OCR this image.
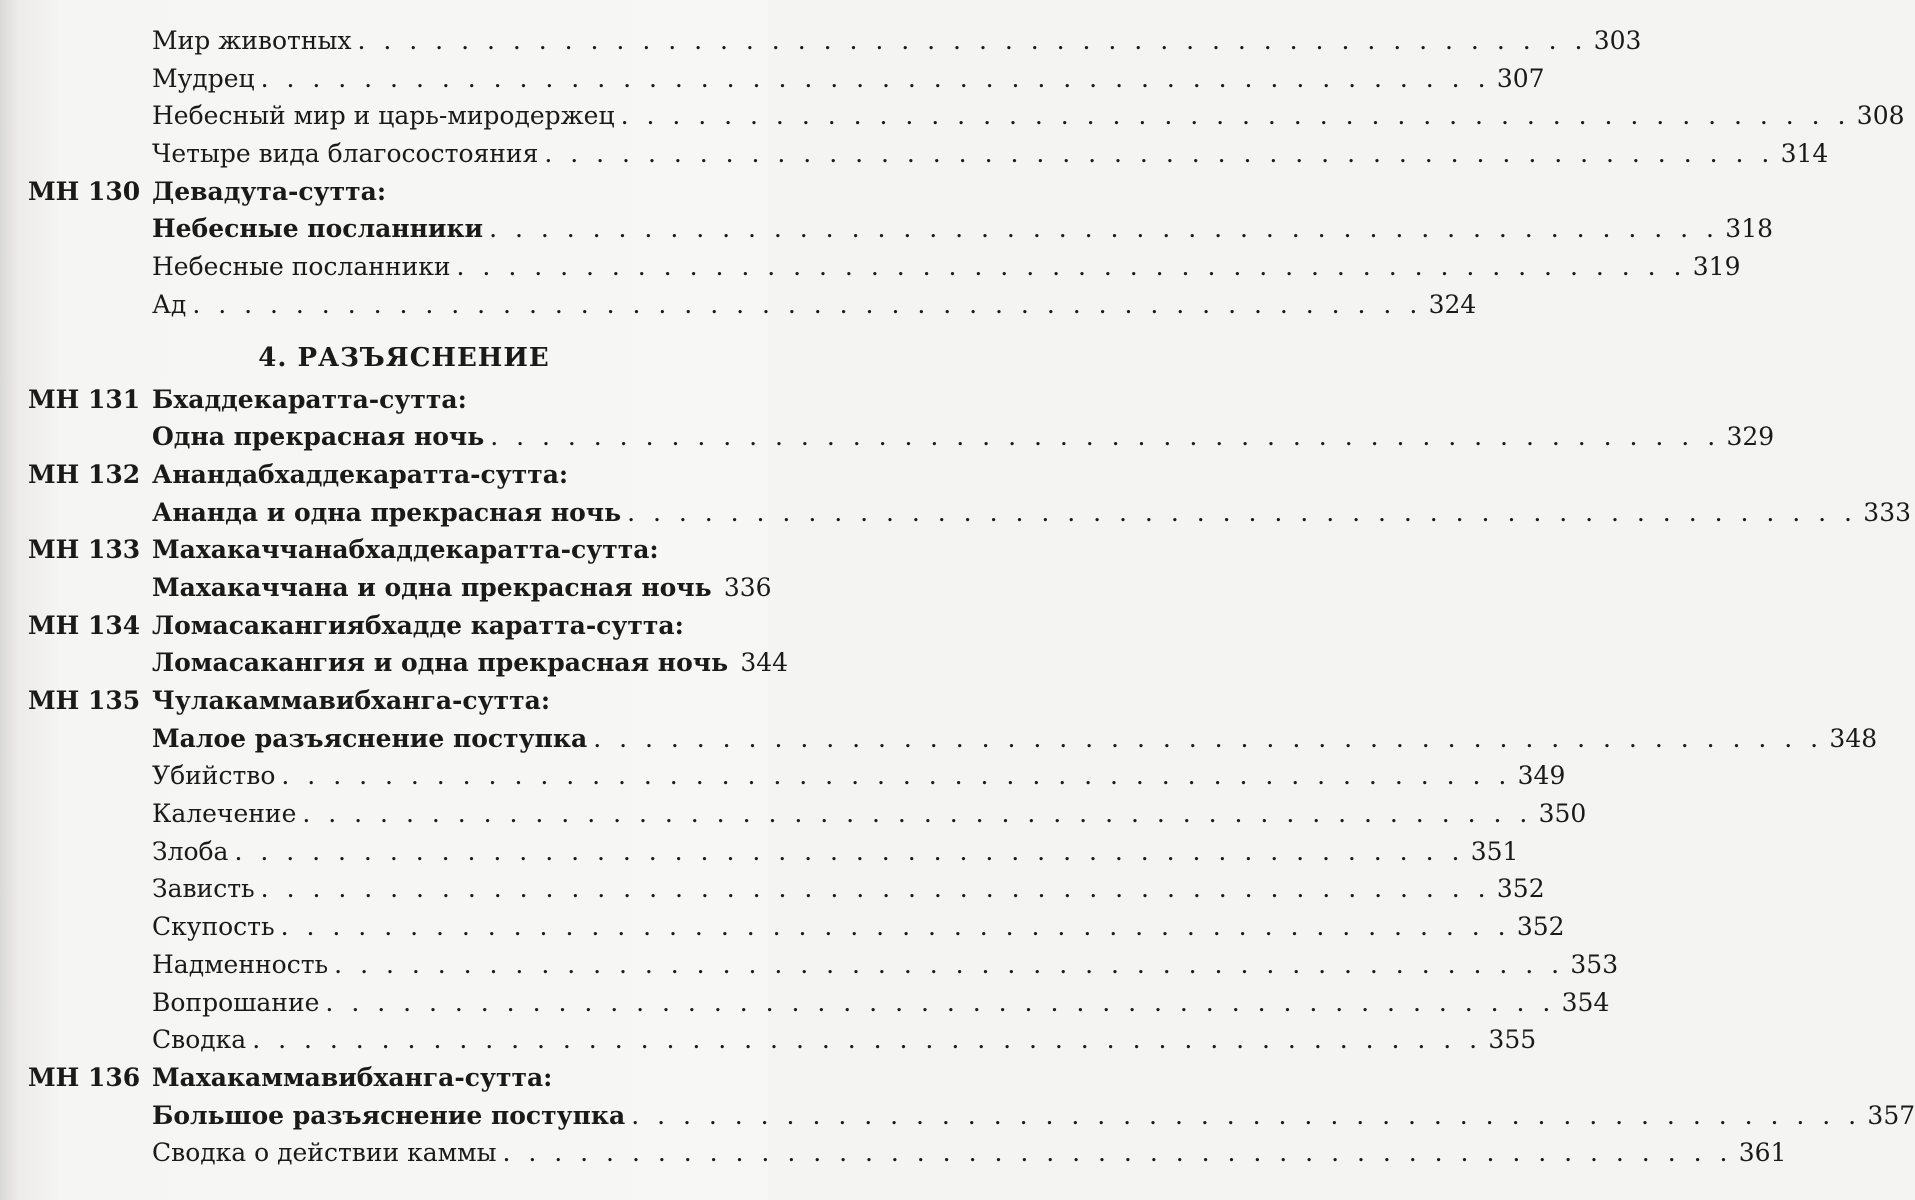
Мир животных . . .	303
Мудрец . . .	307
Небесный мир и царь-миродержец . . .	308
Четыре вида благосостояния . . .	314
МН 130 Девадута-сутта:
Небесные посланники . . .	318
Небесные посланники . . .	319
Ад . . .	324
4. РАЗЪЯСНЕНИЕ
МН 131 Бхаддекаратта-сутта:
Одна прекрасная ночь . . .	329
МН 132 Анандабхаддекаратта-сутта:
Ананда и одна прекрасная ночь . . .	333
МН 133 Махакаччанабхаддекаратта-сутта:
Махакаччана и одна прекрасная ночь 336
МН 134 Ломасакангиябхадде каратта-сутта:
Ломасакангия и одна прекрасная ночь 344
МН 135 Чулакаммавибханга-сутта:
Малое разъяснение поступка . . .	348
Убийство . . .	349
Калечение . . .	350
Злоба . . .	351
Зависть . . .	352
Скупость . . .	352
Надменность . . .	353
Вопрошание . . .	354
Сводка . . .	355
МН 136 Махакаммавибханга-сутта:
Большое разъяснение поступка . . .	357
Сводка о действии каммы . . .	361
